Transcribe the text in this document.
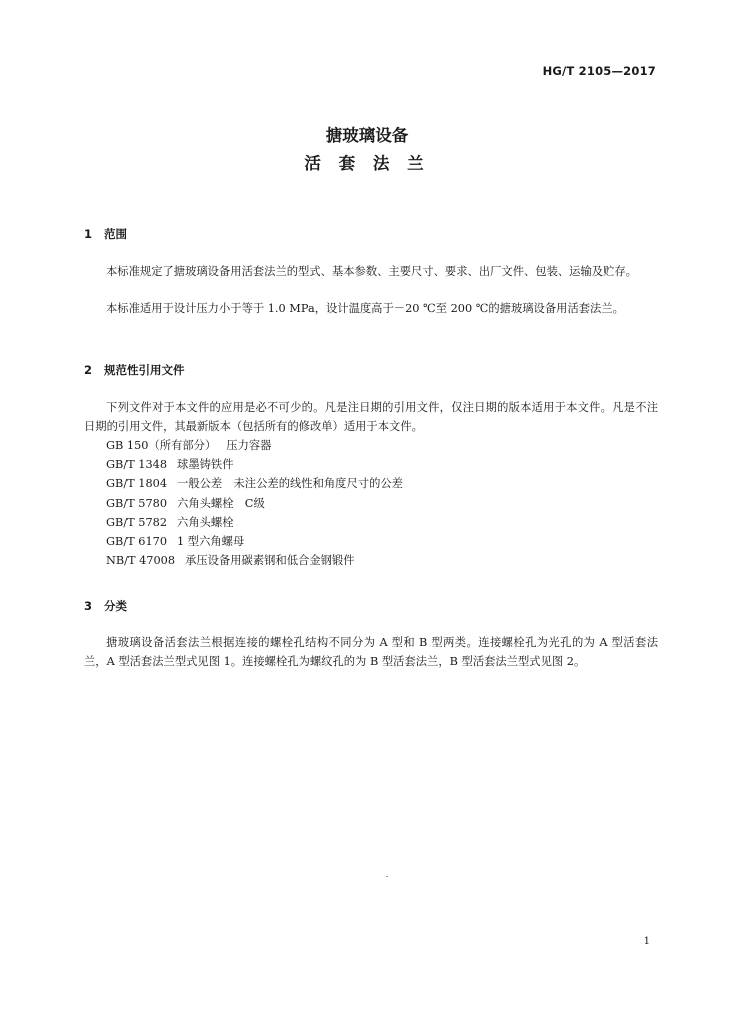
HG/T 2105—2017
搪玻璃设备
活 套 法 兰
1 范围

本标准规定了搪玻璃设备用活套法兰的型式、基本参数、主要尺寸、要求、出厂文件、包装、运输及贮存。

本标准适用于设计压力小于等于 1.0 MPa，设计温度高于－20 ℃至 200 ℃的搪玻璃设备用活套法兰。

2 规范性引用文件

下列文件对于本文件的应用是必不可少的。凡是注日期的引用文件，仅注日期的版本适用于本文件。凡是不注日期的引用文件，其最新版本（包括所有的修改单）适用于本文件。

GB 150（所有部分） 压力容器
GB/T 1348 球墨铸铁件
GB/T 1804 一般公差　未注公差的线性和角度尺寸的公差
GB/T 5780 六角头螺栓　C级
GB/T 5782 六角头螺栓
GB/T 6170 1 型六角螺母
NB/T 47008 承压设备用碳素钢和低合金钢锻件
3 分类

搪玻璃设备活套法兰根据连接的螺栓孔结构不同分为 A 型和 B 型两类。连接螺栓孔为光孔的为 A 型活套法兰，A 型活套法兰型式见图 1。连接螺栓孔为螺纹孔的为 B 型活套法兰，B 型活套法兰型式见图 2。

1
